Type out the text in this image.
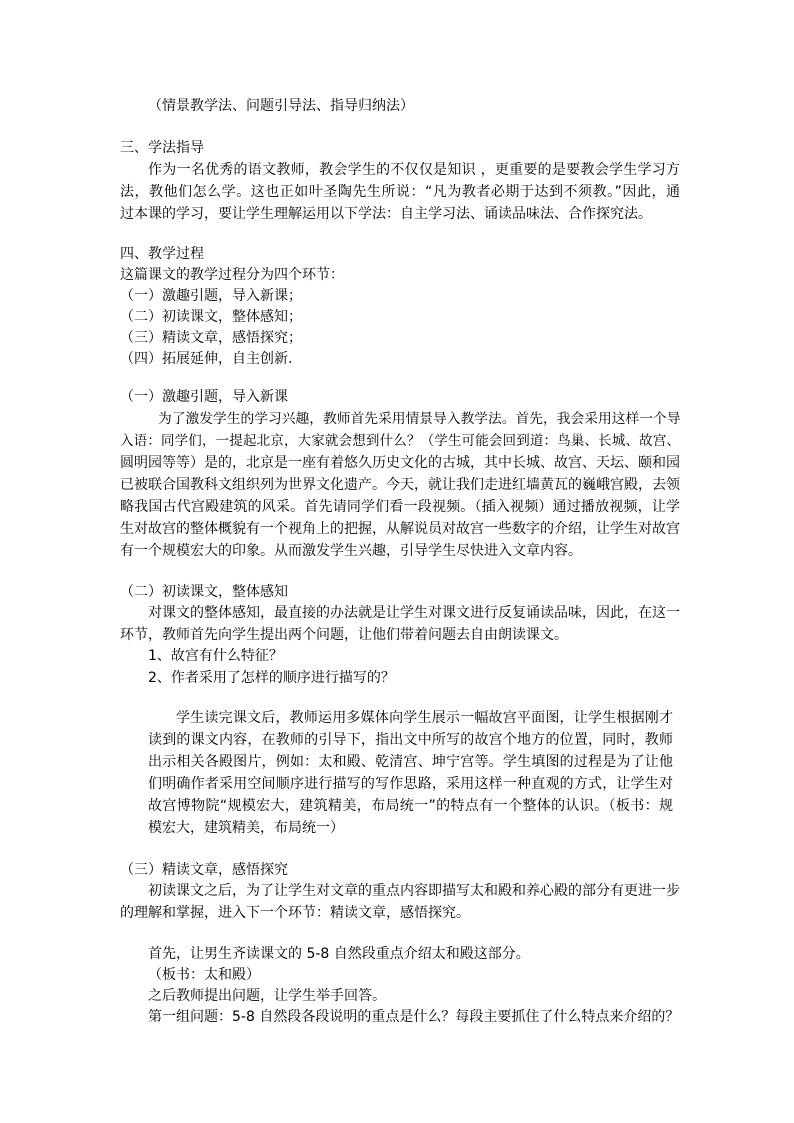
（情景教学法、问题引导法、指导归纳法）
三、学法指导
作为一名优秀的语文教师，教会学生的不仅仅是知识 ，更重要的是要教会学生学习方
法，教他们怎么学。这也正如叶圣陶先生所说：“凡为教者必期于达到不须教。”因此，通
过本课的学习，要让学生理解运用以下学法：自主学习法、诵读品味法、合作探究法。
四、教学过程
这篇课文的教学过程分为四个环节：
（一）激趣引题，导入新课；
（二）初读课文，整体感知；
（三）精读文章，感悟探究；
（四）拓展延伸，自主创新.
（一）激趣引题，导入新课
为了激发学生的学习兴趣，教师首先采用情景导入教学法。首先，我会采用这样一个导
入语：同学们，一提起北京，大家就会想到什么？（学生可能会回到道：鸟巢、长城、故宫、
圆明园等等）是的，北京是一座有着悠久历史文化的古城，其中长城、故宫、天坛、颐和园
已被联合国教科文组织列为世界文化遗产。今天，就让我们走进红墙黄瓦的巍峨宫殿，去领
略我国古代宫殿建筑的风采。首先请同学们看一段视频。（插入视频）通过播放视频，让学
生对故宫的整体概貌有一个视角上的把握，从解说员对故宫一些数字的介绍，让学生对故宫
有一个规模宏大的印象。从而激发学生兴趣，引导学生尽快进入文章内容。
（二）初读课文，整体感知
对课文的整体感知，最直接的办法就是让学生对课文进行反复诵读品味，因此，在这一
环节，教师首先向学生提出两个问题，让他们带着问题去自由朗读课文。
1、故宫有什么特征？
2、作者采用了怎样的顺序进行描写的？
学生读完课文后，教师运用多媒体向学生展示一幅故宫平面图，让学生根据刚才
读到的课文内容，在教师的引导下，指出文中所写的故宫个地方的位置，同时，教师
出示相关各殿图片，例如：太和殿、乾清宫、坤宁宫等。学生填图的过程是为了让他
们明确作者采用空间顺序进行描写的写作思路，采用这样一种直观的方式，让学生对
故宫博物院“规模宏大，建筑精美，布局统一”的特点有一个整体的认识。（板书：规
模宏大，建筑精美，布局统一）
（三）精读文章，感悟探究
初读课文之后，为了让学生对文章的重点内容即描写太和殿和养心殿的部分有更进一步
的理解和掌握，进入下一个环节：精读文章，感悟探究。
首先，让男生齐读课文的 5-8 自然段重点介绍太和殿这部分。
（板书：太和殿）
之后教师提出问题，让学生举手回答。
第一组问题：5-8 自然段各段说明的重点是什么？每段主要抓住了什么特点来介绍的？
